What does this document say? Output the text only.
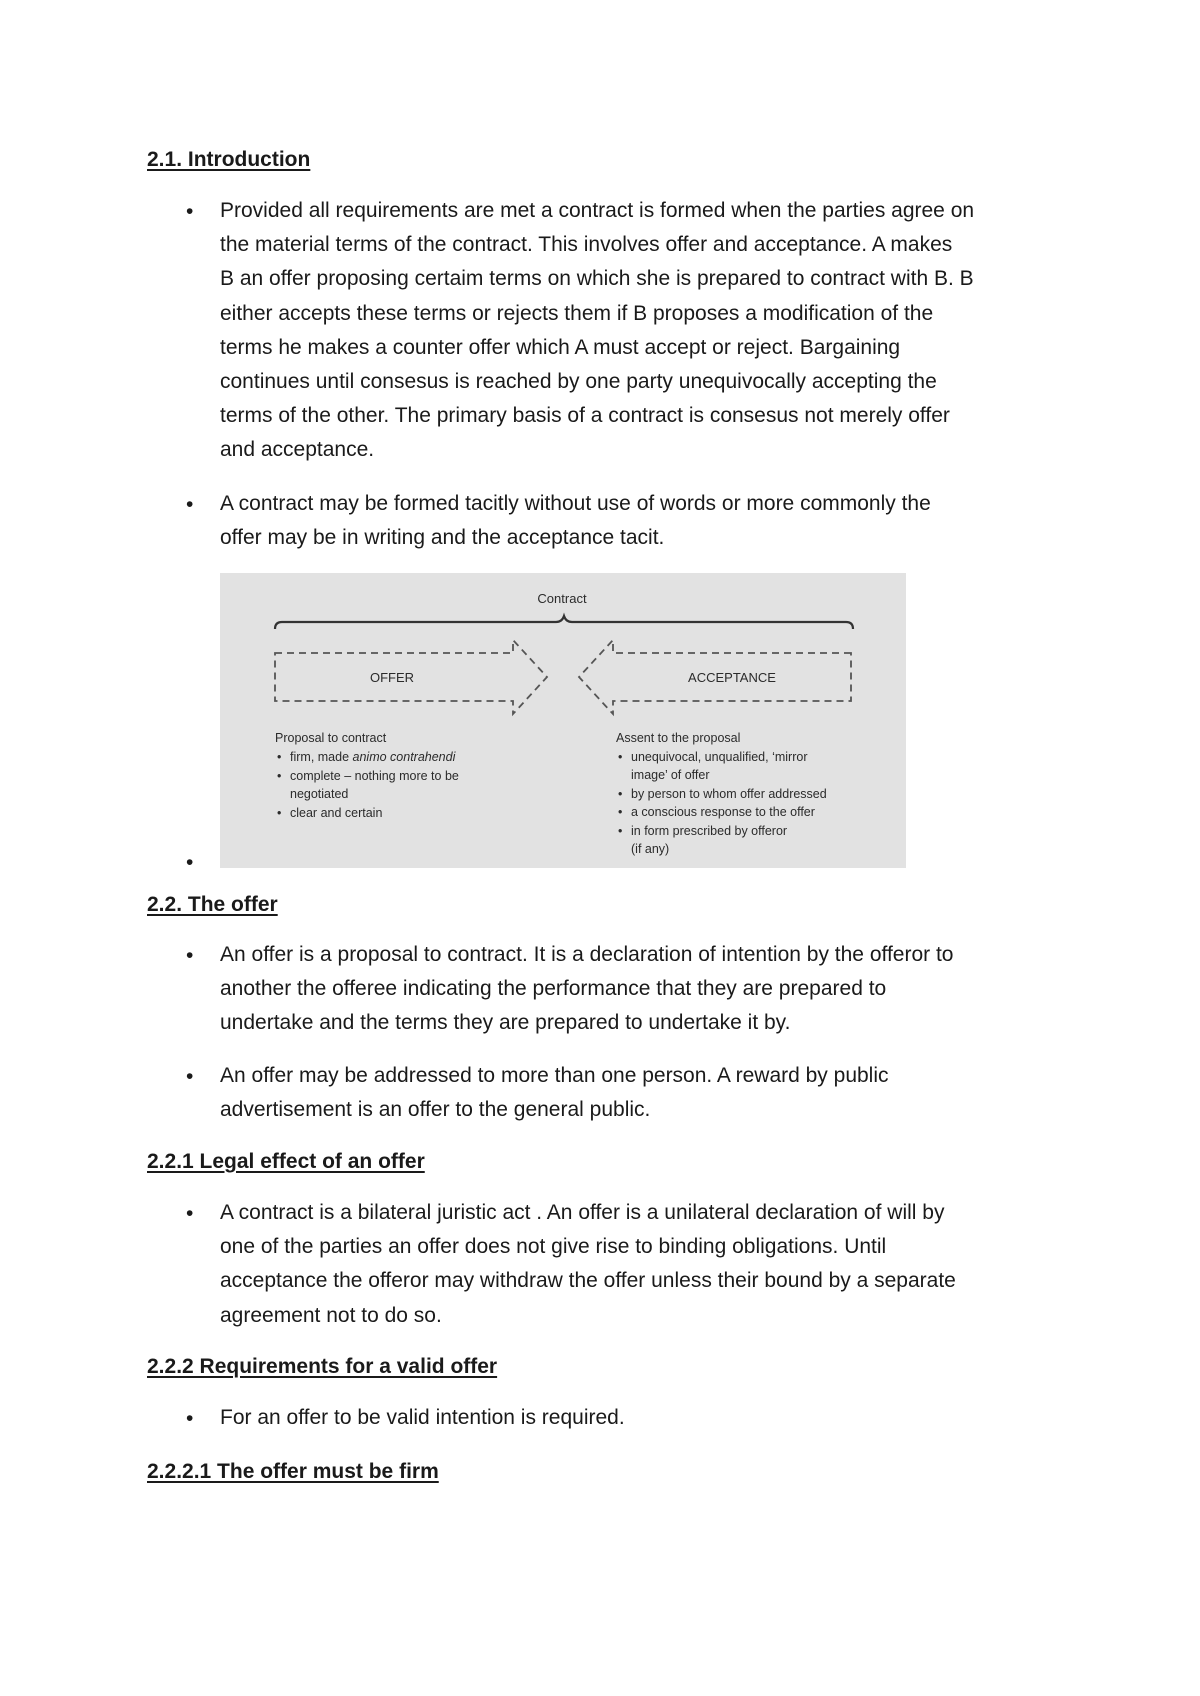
2.1. Introduction
• Provided all requirements are met a contract is formed when the parties agree on
the material terms of the contract. This involves offer and acceptance. A makes
B an offer proposing certaim terms on which she is prepared to contract with B. B
either accepts these terms or rejects them if B proposes a modification of the
terms he makes a counter offer which A must accept or reject. Bargaining
continues until consesus is reached by one party unequivocally accepting the
terms of the other. The primary basis of a contract is consesus not merely offer
and acceptance.
• A contract may be formed tacitly without use of words or more commonly the
offer may be in writing and the acceptance tacit.
•
Contract
OFFER	ACCEPTANCE
Proposal to contract
• firm, made animo contrahendi
• complete – nothing more to be
negotiated
• clear and certain
Assent to the proposal
• unequivocal, unqualified, ‘mirror
image’ of offer
• by person to whom offer addressed
• a conscious response to the offer
• in form prescribed by offeror
(if any)
2.2. The offer
• An offer is a proposal to contract. It is a declaration of intention by the offeror to
another the offeree indicating the performance that they are prepared to
undertake and the terms they are prepared to undertake it by.
• An offer may be addressed to more than one person. A reward by public
advertisement is an offer to the general public.
2.2.1 Legal effect of an offer
• A contract is a bilateral juristic act . An offer is a unilateral declaration of will by
one of the parties an offer does not give rise to binding obligations. Until
acceptance the offeror may withdraw the offer unless their bound by a separate
agreement not to do so.
2.2.2 Requirements for a valid offer
• For an offer to be valid intention is required.
2.2.2.1 The offer must be firm
